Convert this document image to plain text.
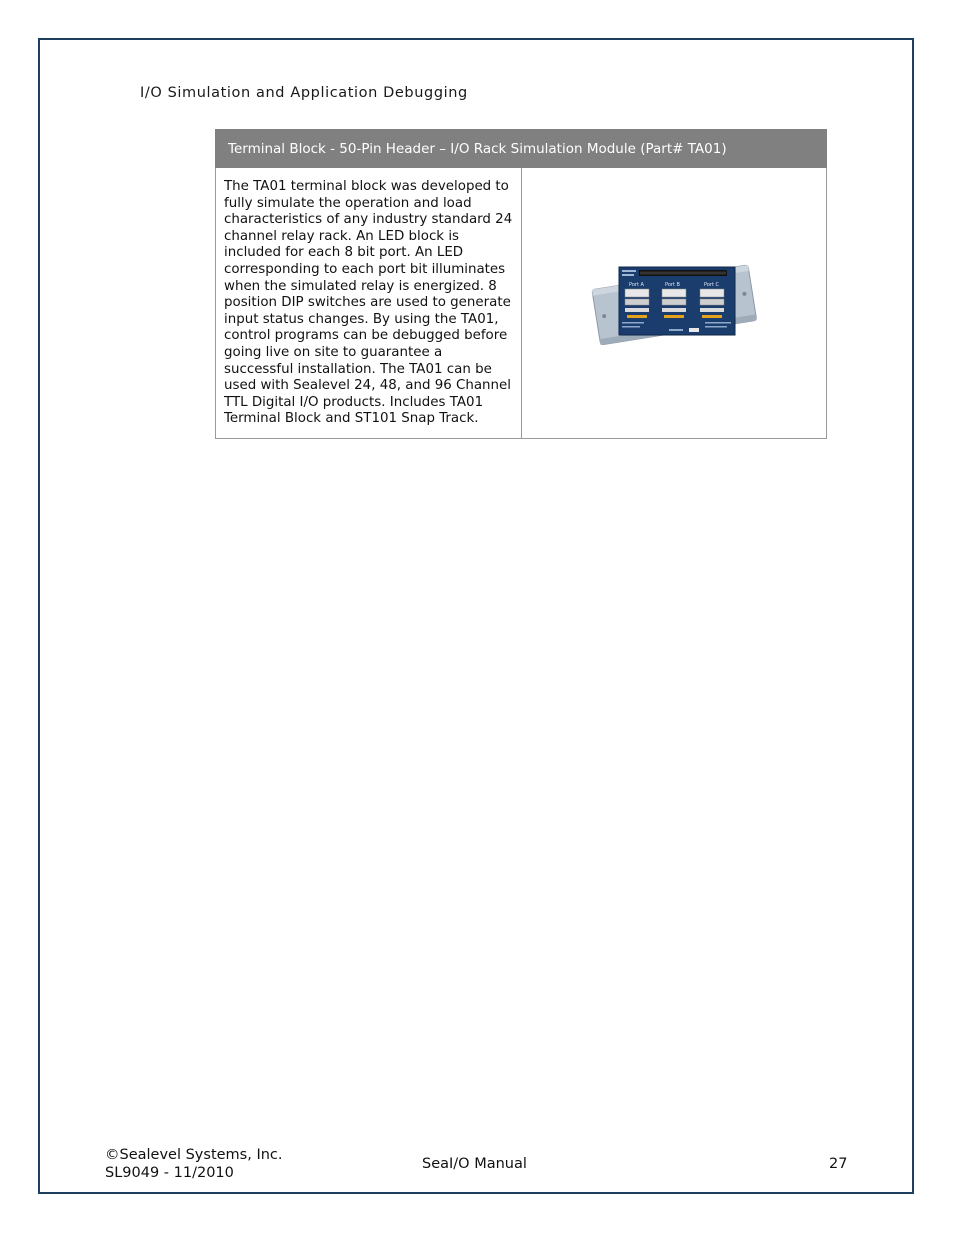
I/O Simulation and Application Debugging
Terminal Block - 50-Pin Header – I/O Rack Simulation Module (Part# TA01)
The TA01 terminal block was developed to fully simulate the operation and load characteristics of any industry standard 24 channel relay rack. An LED block is included for each 8 bit port. An LED corresponding to each port bit illuminates when the simulated relay is energized. 8 position DIP switches are used to generate input status changes. By using the TA01, control programs can be debugged before going live on site to guarantee a successful installation. The TA01 can be used with Sealevel 24, 48, and 96 Channel TTL Digital I/O products. Includes TA01 Terminal Block and ST101 Snap Track.	
Port A	Port B	Port C
©Sealevel Systems, Inc.
SL9049 - 11/2010
SeaI/O Manual	27
